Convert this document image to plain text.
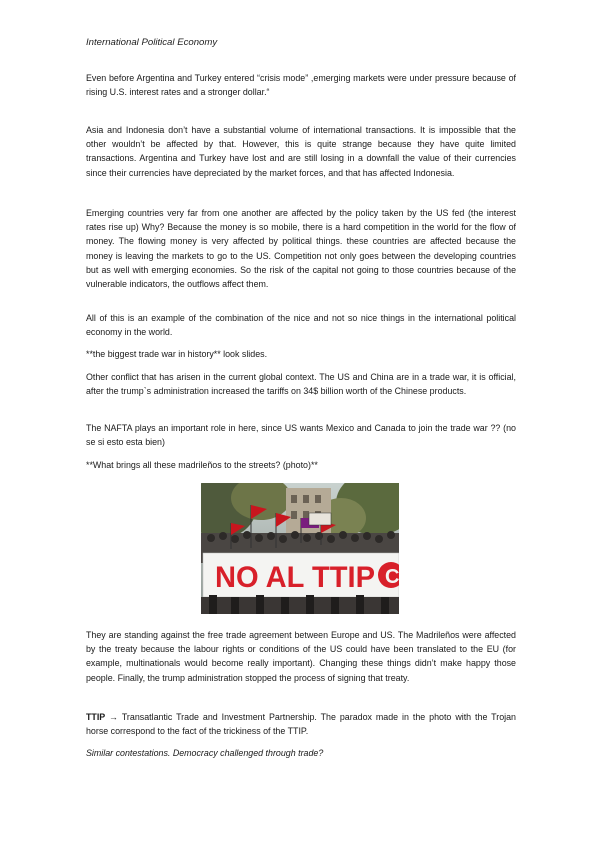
International Political Economy

Even before Argentina and Turkey entered “crisis mode” ,emerging markets were under pressure because of rising U.S. interest rates and a stronger dollar.“

Asia and Indonesia don’t have a substantial volume of international transactions. It is impossible that the other wouldn’t be affected by that. However, this is quite strange because they have quite limited transactions. Argentina and Turkey have lost and are still losing in a downfall the value of their currencies since their currencies have depreciated by the market forces, and that has affected Indonesia.

Emerging countries very far from one another are affected by the policy taken by the US fed (the interest rates rise up) Why? Because the money is so mobile, there is a hard competition in the world for the flow of money. The flowing money is very affected by political things. these countries are affected because the money is leaving the markets to go to the US. Competition not only goes between the developing countries but as well with emerging economies. So the risk of the capital not going to those countries because of the vulnerable indicators, the outflows affect them.

All of this is an example of the combination of the nice and not so nice things in the international political economy in the world.

**the biggest trade war in history** look slides.

Other conflict that has arisen in the current global context. The US and China are in a trade war, it is official, after the trump`s administration increased the tariffs on 34$ billion worth of the Chinese products.

The NAFTA plays an important role in here, since US wants Mexico and Canada to join the trade war ?? (no se si esto esta bien)

**What brings all these madrileños to the streets? (photo)**

NO AL TTIP C

They are standing against the free trade agreement between Europe and US. The Madrileños were affected by the treaty because the labour rights or conditions of the US could have been translated to the EU (for example, multinationals would become really important). Changing these things didn’t make happy those people. Finally, the trump administration stopped the process of signing that treaty.

TTIP → Transatlantic Trade and Investment Partnership. The paradox made in the photo with the Trojan horse correspond to the fact of the trickiness of the TTIP.

Similar contestations. Democracy challenged through trade?
